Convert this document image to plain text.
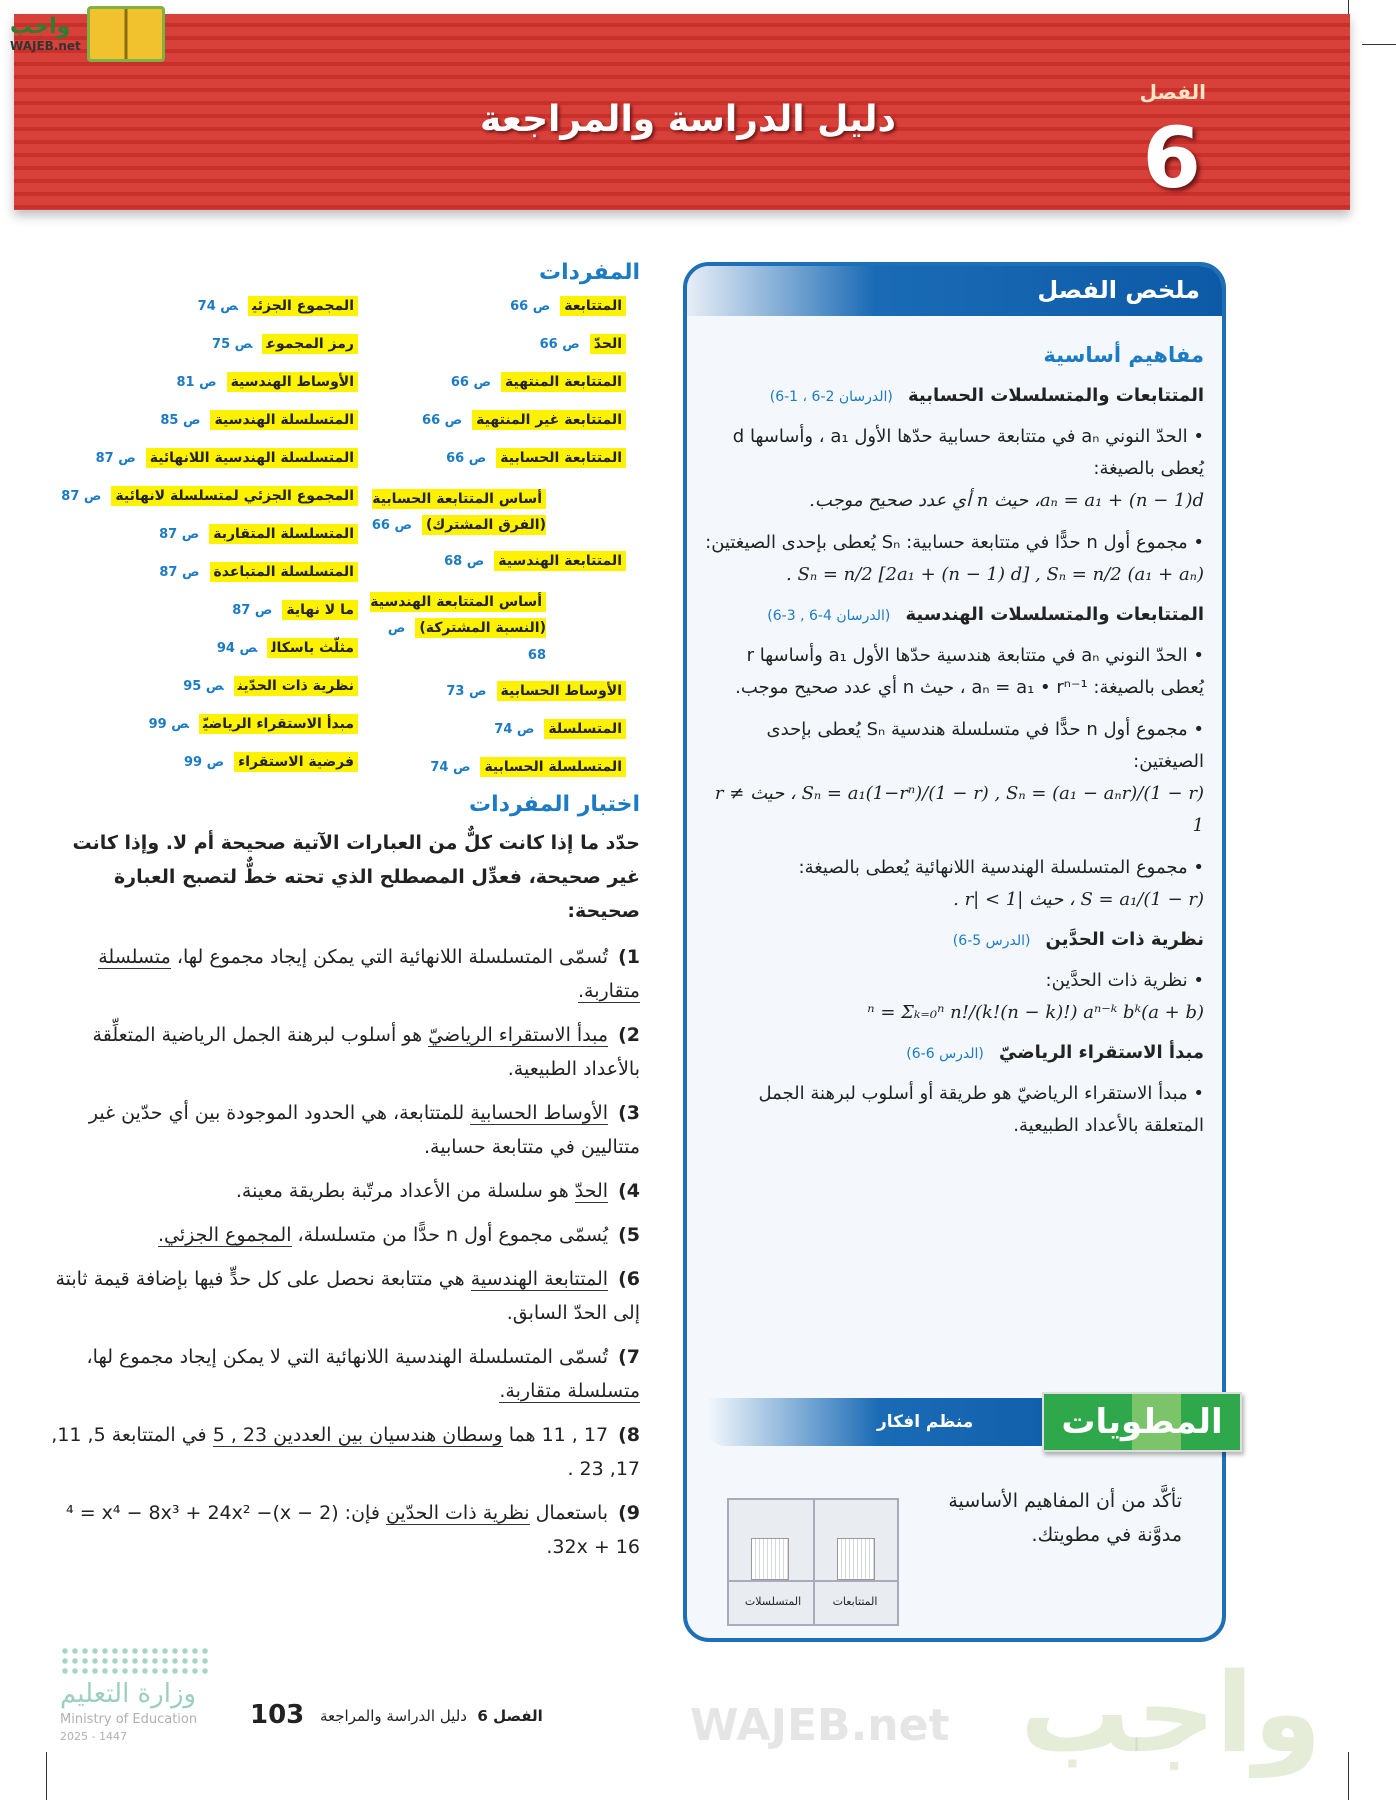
واجب
WAJEB.net
الفصل
6
دليل الدراسة والمراجعة
ملخص الفصل
مفاهيم أساسية
المتتابعات والمتسلسلات الحسابية (الدرسان 2-6 ، 1-6)
• الحدّ النوني aₙ في متتابعة حسابية حدّها الأول a₁ ، وأساسها d يُعطى بالصيغة:
aₙ = a₁ + (n − 1)d، حيث n أي عدد صحيح موجب.
• مجموع أول n حدًّا في متتابعة حسابية: Sₙ يُعطى بإحدى الصيغتين:
Sₙ = n/2 [2a₁ + (n − 1) d] , Sₙ = n/2 (a₁ + aₙ) .
المتتابعات والمتسلسلات الهندسية (الدرسان 4-6 , 3-6)
• الحدّ النوني aₙ في متتابعة هندسية حدّها الأول a₁ وأساسها r يُعطى بالصيغة: aₙ = a₁ • rⁿ⁻¹ ، حيث n أي عدد صحيح موجب.
• مجموع أول n حدًّا في متسلسلة هندسية Sₙ يُعطى بإحدى الصيغتين:
Sₙ = a₁(1−rⁿ)/(1 − r) , Sₙ = (a₁ − aₙr)/(1 − r) ، حيث r ≠ 1
• مجموع المتسلسلة الهندسية اللانهائية يُعطى بالصيغة:
S = a₁/(1 − r) ، حيث |r| < 1 .
نظرية ذات الحدَّين (الدرس 5-6)
• نظرية ذات الحدَّين:
(a + b)ⁿ = Σₖ₌₀ⁿ n!/(k!(n − k)!) aⁿ⁻ᵏ bᵏ
مبدأ الاستقراء الرياضيّ (الدرس 6-6)
• مبدأ الاستقراء الرياضيّ هو طريقة أو أسلوب لبرهنة الجمل المتعلقة بالأعداد الطبيعية.
منظم افكار	المطويات
تأكَّد من أن المفاهيم الأساسية مدوَّنة في مطويتك.
المتسلسلات	المتتابعات
المفردات
المتتابعةص 66
الحدّص 66
المتتابعة المنتهيةص 66
المتتابعة غير المنتهيةص 66
المتتابعة الحسابيةص 66
أساس المتتابعة الحسابية (الفرق المشترك)ص 66
المتتابعة الهندسيةص 68
أساس المتتابعة الهندسية (النسبة المشتركة)ص 68
الأوساط الحسابيةص 73
المتسلسلةص 74
المتسلسلة الحسابيةص 74
المجموع الجزئيص 74
رمز المجموعص 75
الأوساط الهندسيةص 81
المتسلسلة الهندسيةص 85
المتسلسلة الهندسية اللانهائيةص 87
المجموع الجزئي لمتسلسلة لانهائيةص 87
المتسلسلة المتقاربةص 87
المتسلسلة المتباعدةص 87
ما لا نهايةص 87
مثلّث باسكالص 94
نظرية ذات الحدّينص 95
مبدأ الاستقراء الرياضيّص 99
فرضية الاستقراءص 99
واجب
WAJEB.net
اختبار المفردات
حدّد ما إذا كانت كلٌّ من العبارات الآتية صحيحة أم لا. وإذا كانت غير صحيحة، فعدِّل المصطلح الذي تحته خطٌّ لتصبح العبارة صحيحة:
1)تُسمّى المتسلسلة اللانهائية التي يمكن إيجاد مجموع لها، متسلسلة متقاربة.
2)مبدأ الاستقراء الرياضيّ هو أسلوب لبرهنة الجمل الرياضية المتعلِّقة بالأعداد الطبيعية.
3)الأوساط الحسابية للمتتابعة، هي الحدود الموجودة بين أي حدّين غير متتاليين في متتابعة حسابية.
4)الحدّ هو سلسلة من الأعداد مرتّبة بطريقة معينة.
5)يُسمّى مجموع أول n حدًّا من متسلسلة، المجموع الجزئي.
6)المتتابعة الهندسية هي متتابعة نحصل على كل حدٍّ فيها بإضافة قيمة ثابتة إلى الحدّ السابق.
7)تُسمّى المتسلسلة الهندسية اللانهائية التي لا يمكن إيجاد مجموع لها، متسلسلة متقاربة.
8)17 , 11 هما وسطان هندسيان بين العددين 23 , 5 في المتتابعة 5, 11, 17, 23 .
9)باستعمال نظرية ذات الحدّين فإن: (x − 2)⁴ = x⁴ − 8x³ + 24x² − 32x + 16.
وزارة التعليم
Ministry of Education
2025 - 1447
103	الفصل 6  دليل الدراسة والمراجعة
